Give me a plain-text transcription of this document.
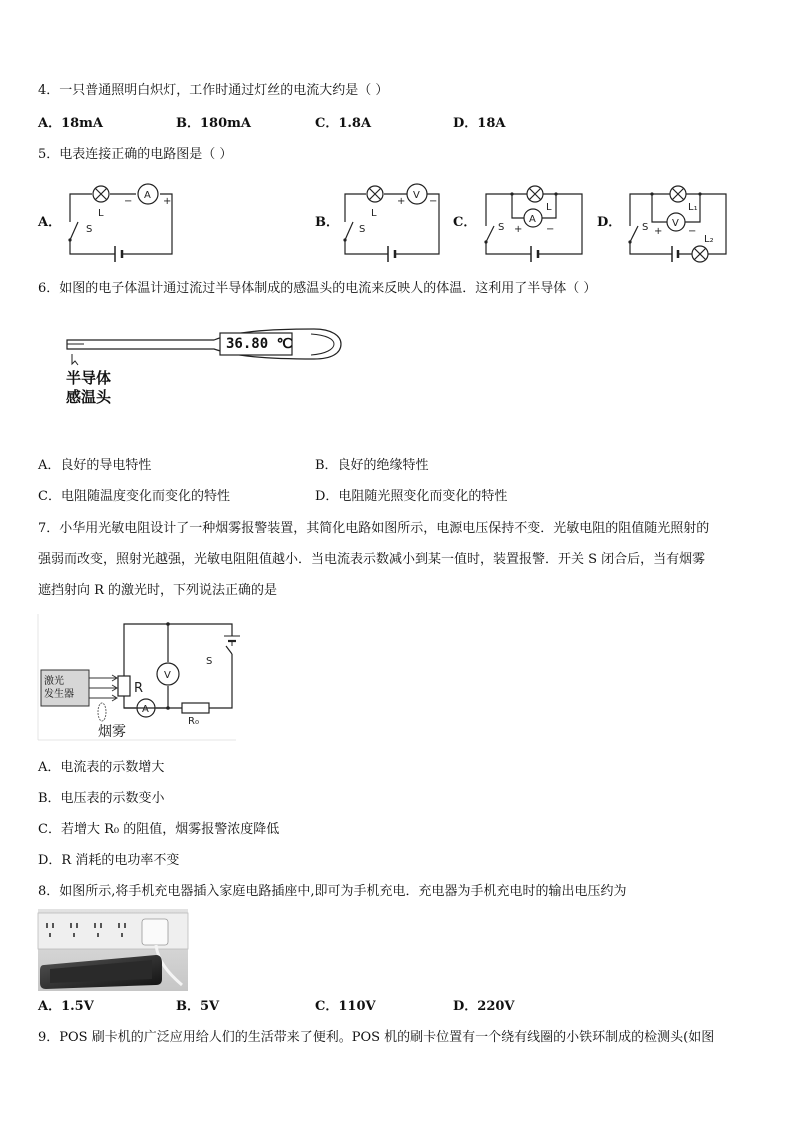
4．一只普通照明白炽灯，工作时通过灯丝的电流大约是（ ）
A．18mA	B．180mA	C．1.8A	D．18A
5．电表连接正确的电路图是（ ）
A．	B．	C．	D．
A
L
S
−	+
V
L
S
+ −
A
L
S + −
V
L₁
L₂
S +	−
6．如图的电子体温计通过流过半导体制成的感温头的电流来反映人的体温．这利用了半导体（ ）
36.80 ℃
半导体
感温头
A．良好的导电特性	B．良好的绝缘特性
C．电阻随温度变化而变化的特性	D．电阻随光照变化而变化的特性
7．小华用光敏电阻设计了一种烟雾报警装置，其简化电路如图所示，电源电压保持不变．光敏电阻的阻值随光照射的
强弱而改变，照射光越强，光敏电阻阻值越小．当电流表示数减小到某一值时，装置报警．开关 S 闭合后，当有烟雾
遮挡射向 R 的激光时，下列说法正确的是
V
A
R
R₀
S
激光
发生器
烟雾
A．电流表的示数增大
B．电压表的示数变小
C．若增大 R₀ 的阻值，烟雾报警浓度降低
D．R 消耗的电功率不变
8．如图所示,将手机充电器插入家庭电路插座中,即可为手机充电．充电器为手机充电时的输出电压约为
A．1.5V	B．5V	C．110V	D．220V
9．POS 刷卡机的广泛应用给人们的生活带来了便利。POS 机的刷卡位置有一个绕有线圈的小铁环制成的检测头(如图
